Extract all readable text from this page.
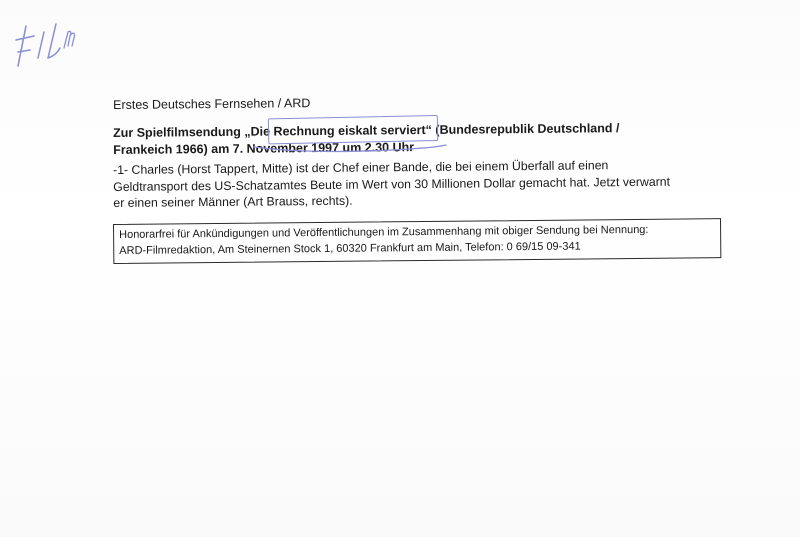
Erstes Deutsches Fernsehen / ARD
Zur Spielfilmsendung „Die Rechnung eiskalt serviert“ (Bundesrepublik Deutschland / Frankeich 1966) am 7. November 1997 um 2.30 Uhr
-1- Charles (Horst Tappert, Mitte) ist der Chef einer Bande, die bei einem Überfall auf einen Geldtransport des US-Schatzamtes Beute im Wert von 30 Millionen Dollar gemacht hat. Jetzt verwarnt er einen seiner Männer (Art Brauss, rechts).
Honorarfrei für Ankündigungen und Veröffentlichungen im Zusammenhang mit obiger Sendung bei Nennung:
ARD-Filmredaktion, Am Steinernen Stock 1, 60320 Frankfurt am Main, Telefon: 0 69/15 09-341
